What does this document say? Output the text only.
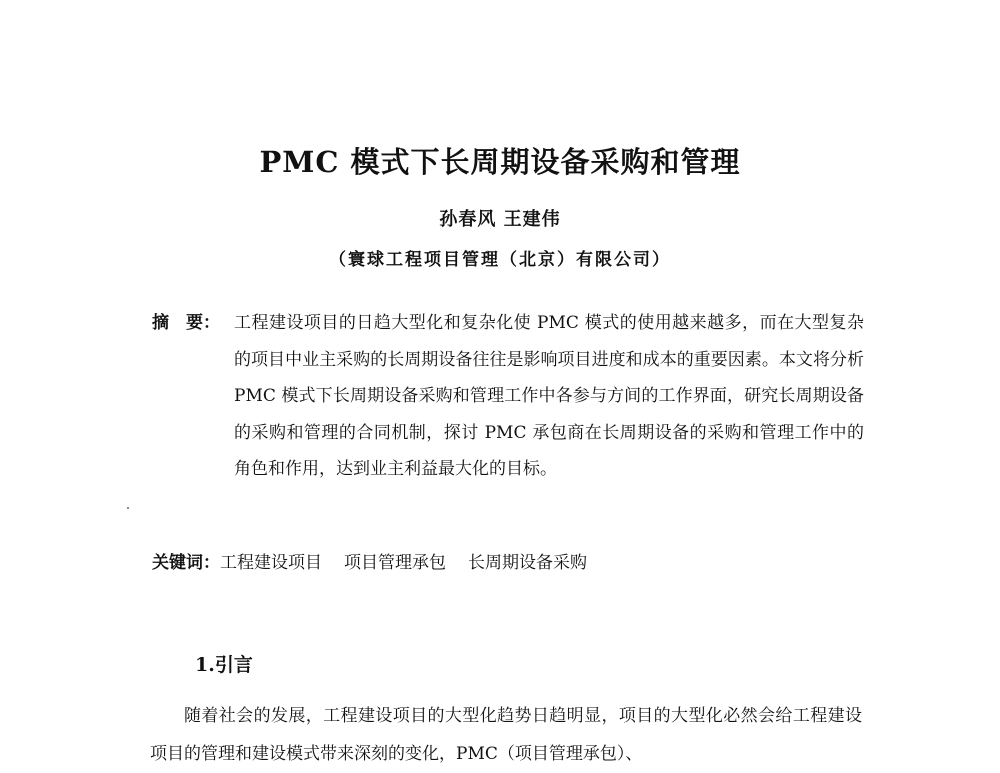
PMC 模式下长周期设备采购和管理
孙春风 王建伟
（寰球工程项目管理（北京）有限公司）
摘　要： 工程建设项目的日趋大型化和复杂化使 PMC 模式的使用越来越多，而在大型复杂的项目中业主采购的长周期设备往往是影响项目进度和成本的重要因素。本文将分析 PMC 模式下长周期设备采购和管理工作中各参与方间的工作界面，研究长周期设备的采购和管理的合同机制，探讨 PMC 承包商在长周期设备的采购和管理工作中的角色和作用，达到业主利益最大化的目标。
关键词：工程建设项目 项目管理承包 长周期设备采购
1.引言
随着社会的发展，工程建设项目的大型化趋势日趋明显，项目的大型化必然会给工程建设项目的管理和建设模式带来深刻的变化，PMC（项目管理承包）、
